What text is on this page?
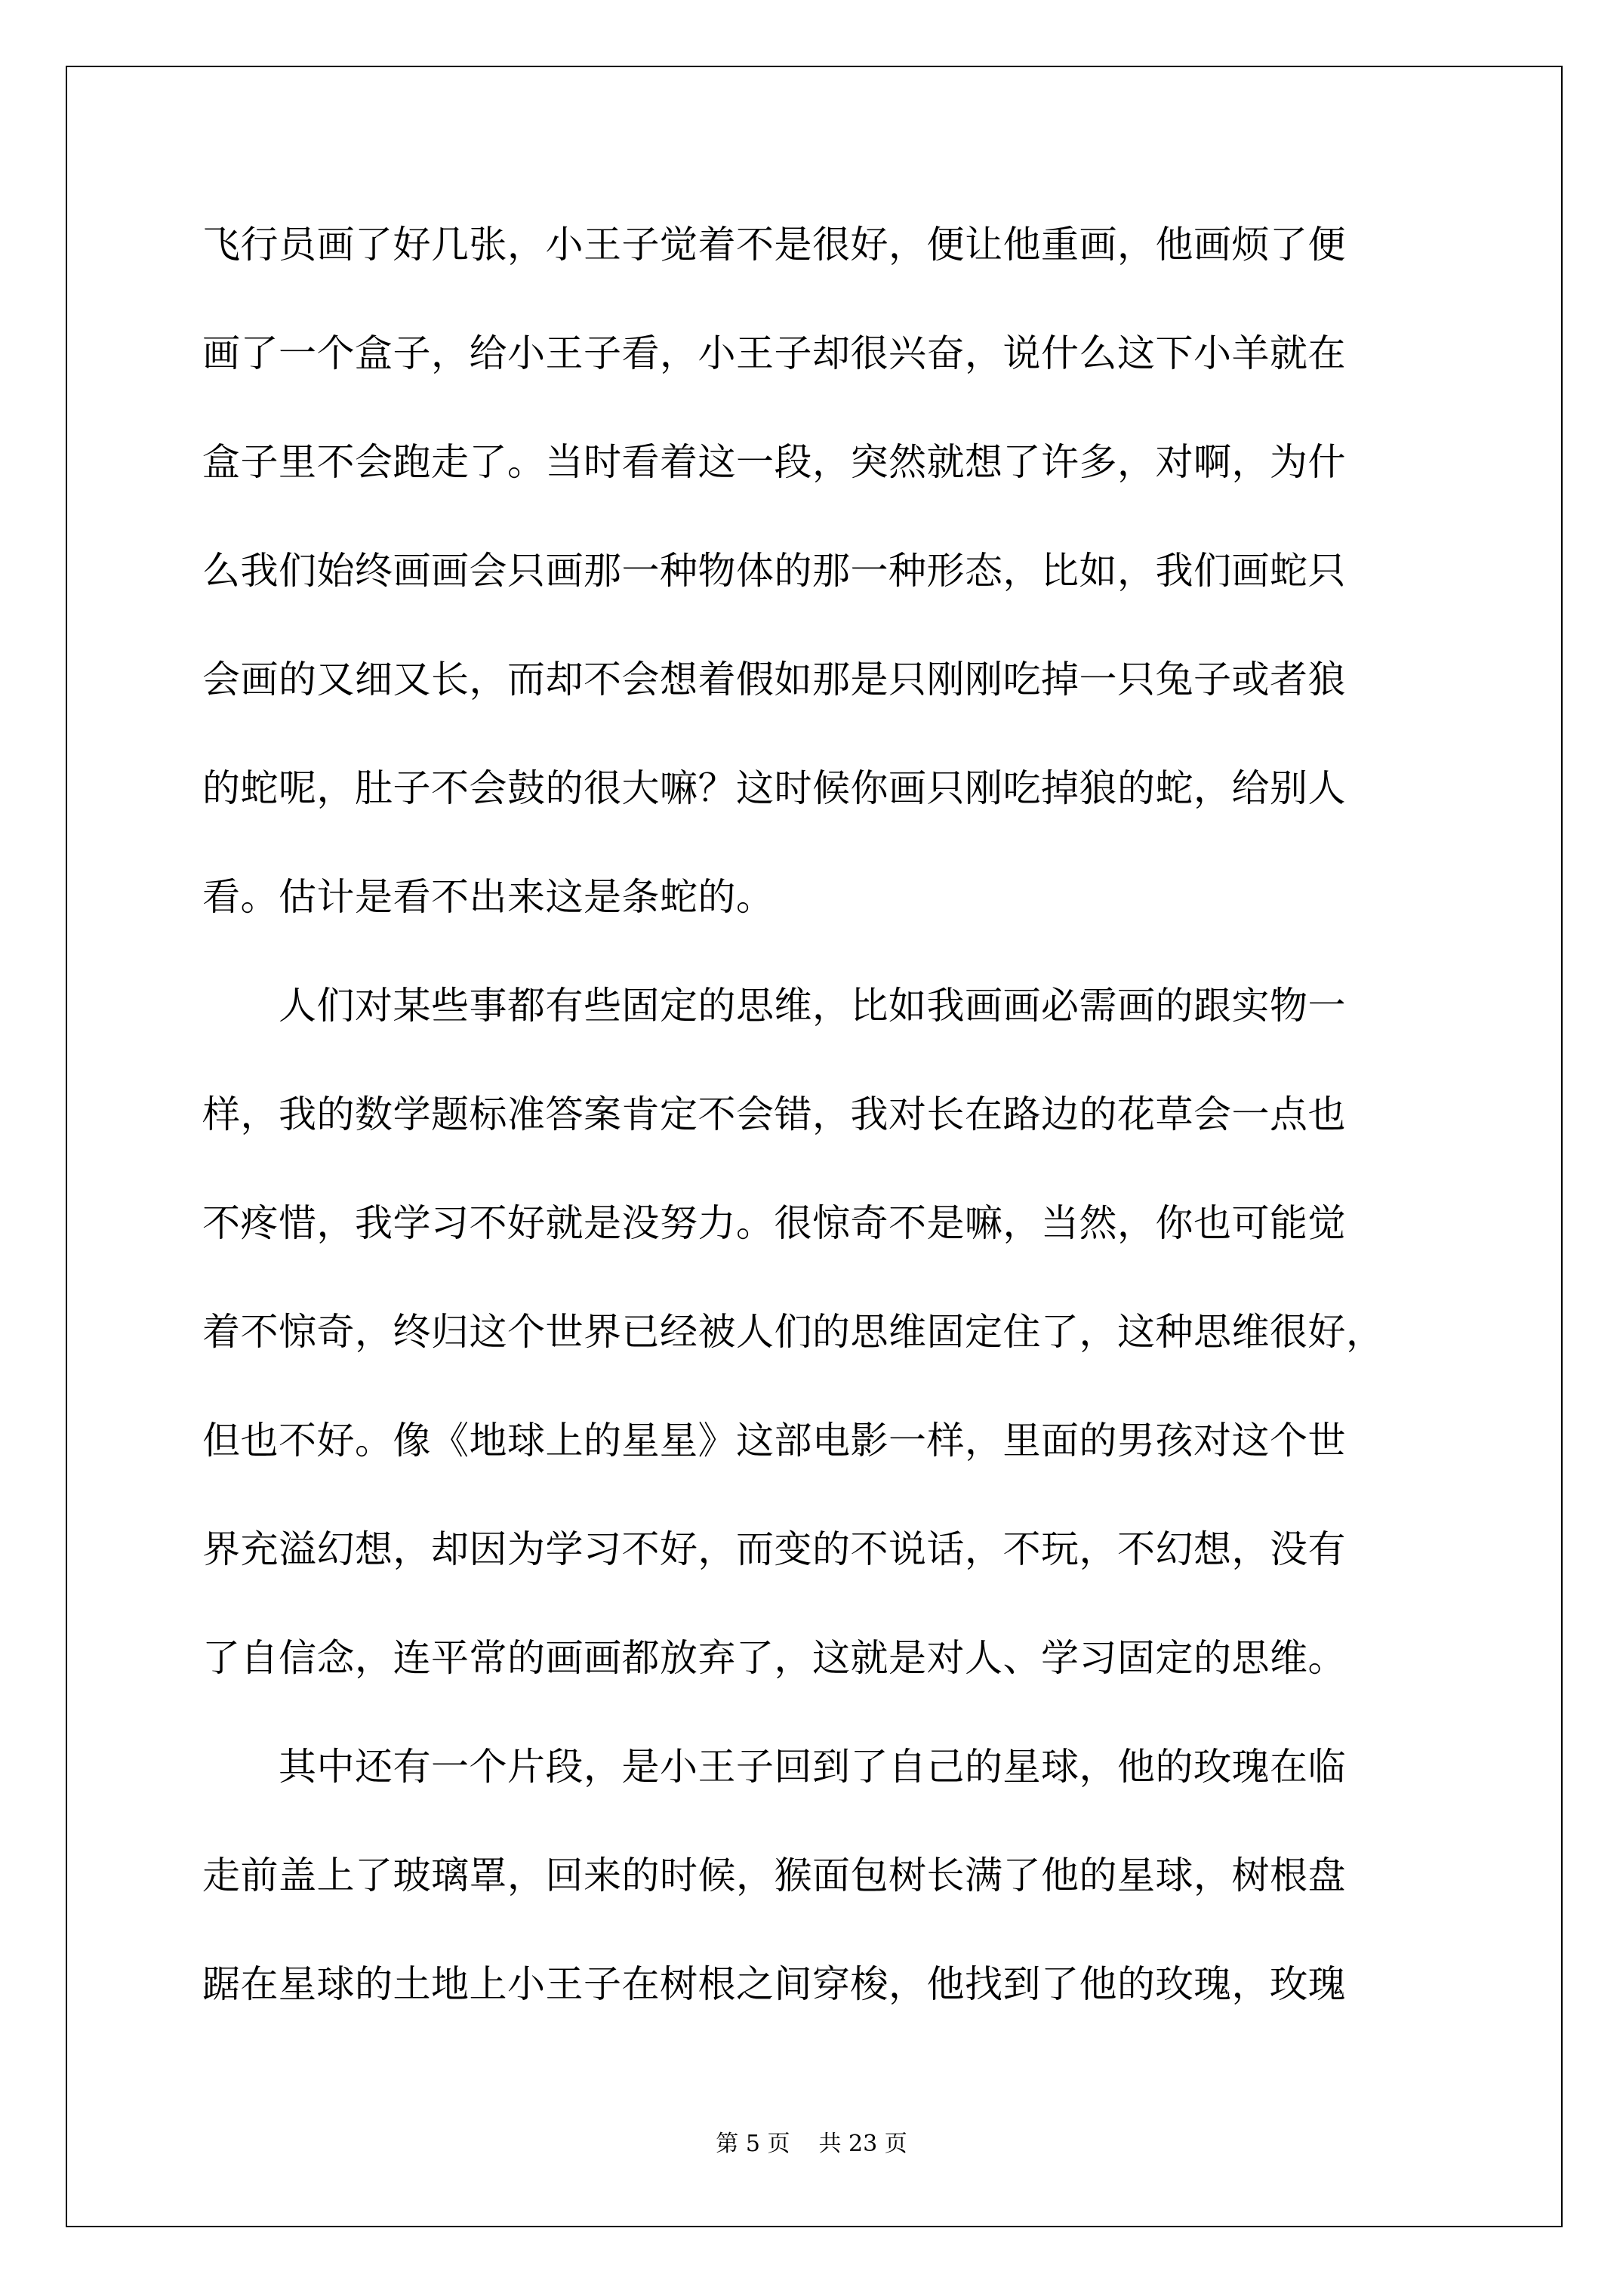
飞行员画了好几张，小王子觉着不是很好，便让他重画，他画烦了便
画了一个盒子，给小王子看，小王子却很兴奋，说什么这下小羊就在
盒子里不会跑走了。当时看着这一段，突然就想了许多，对啊，为什
么我们始终画画会只画那一种物体的那一种形态，比如，我们画蛇只
会画的又细又长，而却不会想着假如那是只刚刚吃掉一只兔子或者狼
的蛇呢，肚子不会鼓的很大嘛？这时候你画只刚吃掉狼的蛇，给别人
看。估计是看不出来这是条蛇的。
　　人们对某些事都有些固定的思维，比如我画画必需画的跟实物一
样，我的数学题标准答案肯定不会错，我对长在路边的花草会一点也
不疼惜，我学习不好就是没努力。很惊奇不是嘛，当然，你也可能觉
着不惊奇，终归这个世界已经被人们的思维固定住了，这种思维很好，
但也不好。像《地球上的星星》这部电影一样，里面的男孩对这个世
界充溢幻想，却因为学习不好，而变的不说话，不玩，不幻想，没有
了自信念，连平常的画画都放弃了，这就是对人、学习固定的思维。
　　其中还有一个片段，是小王子回到了自己的星球，他的玫瑰在临
走前盖上了玻璃罩，回来的时候，猴面包树长满了他的星球，树根盘
踞在星球的土地上小王子在树根之间穿梭，他找到了他的玫瑰，玫瑰
第 5 页 共 23 页
